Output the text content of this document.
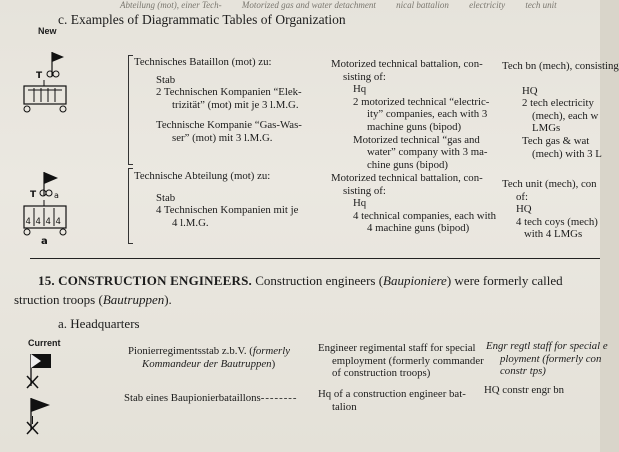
Abteilung (mot), einer Tech- Motorized gas and water detachment nical battalion electricity tech unit
c. Examples of Diagrammatic Tables of Organization
New
T
T a
4 4 4 4
a
Technisches Bataillon (mot) zu:
Stab
2 Technischen Kompanien “Elek-
trizität” (mot) mit je 3 l.M.G.
Technische Kompanie “Gas-Was-
ser” (mot) mit 3 l.M.G.
Motorized technical battalion, con-
sisting of:
Hq
2 motorized technical “electric-
ity” companies, each with 3
machine guns (bipod)
Motorized technical “gas and
water” company with 3 ma-
chine guns (bipod)
Tech bn (mech), consisting
HQ
2 tech electricity
(mech), each w
LMGs
Tech gas & wat
(mech) with 3 L
Technische Abteilung (mot) zu:
Stab
4 Technischen Kompanien mit je
4 l.M.G.
Motorized technical battalion, con-
sisting of:
Hq
4 technical companies, each with
4 machine guns (bipod)
Tech unit (mech), con
of:
HQ
4 tech coys (mech)
with 4 LMGs
15. CONSTRUCTION ENGINEERS. Construction engineers (Baupioniere) were formerly called
struction troops (Bautruppen).
a. Headquarters
Current
Pionierregimentsstab z.b.V. (formerly
Kommandeur der Bautruppen)
Engineer regimental staff for special
employment (formerly commander
of construction troops)
Engr regtl staff for special e
ployment (formerly con
constr tps)
Stab eines Baupionierbataillons-------- Hq of a construction engineer bat-
talion
HQ constr engr bn
